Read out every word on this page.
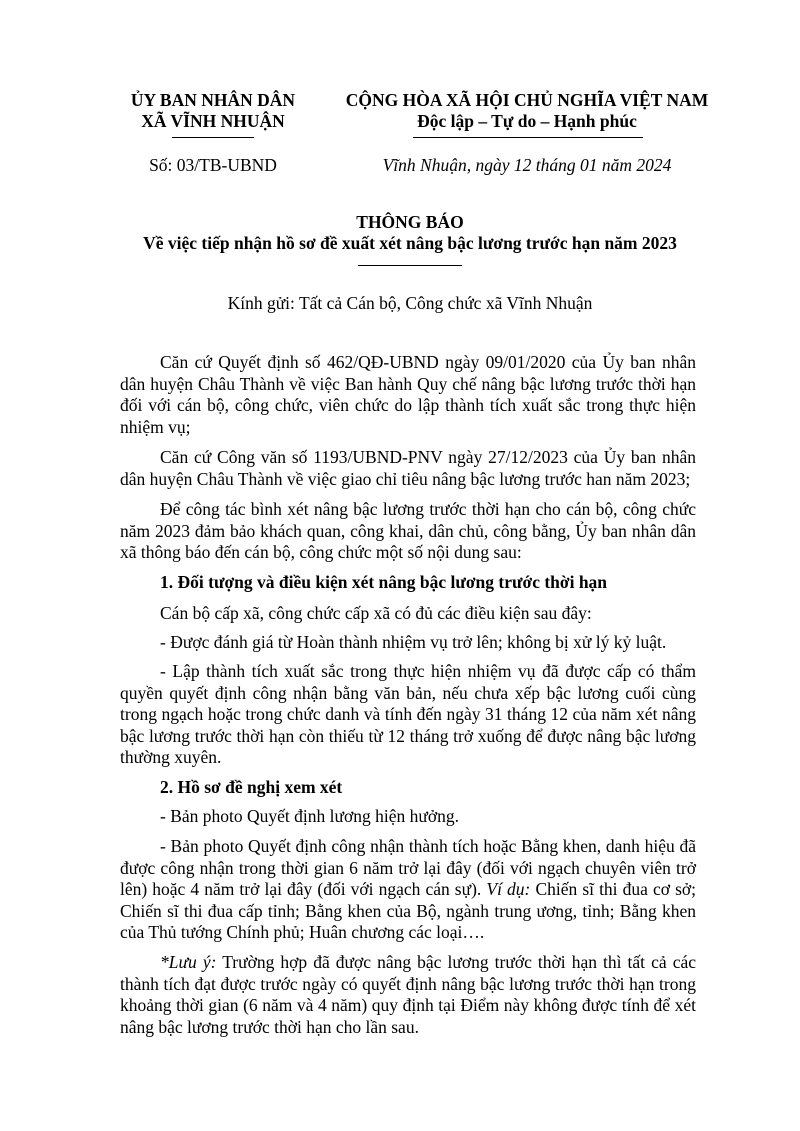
ỦY BAN NHÂN DÂN
XÃ VĨNH NHUẬN
Số: 03/TB-UBND
CỘNG HÒA XÃ HỘI CHỦ NGHĨA VIỆT NAM
Độc lập – Tự do – Hạnh phúc
Vĩnh Nhuận, ngày 12 tháng 01 năm 2024
THÔNG BÁO
Về việc tiếp nhận hồ sơ đề xuất xét nâng bậc lương trước hạn năm 2023
Kính gửi: Tất cả Cán bộ, Công chức xã Vĩnh Nhuận

Căn cứ Quyết định số 462/QĐ-UBND ngày 09/01/2020 của Ủy ban nhân dân huyện Châu Thành về việc Ban hành Quy chế nâng bậc lương trước thời hạn đối với cán bộ, công chức, viên chức do lập thành tích xuất sắc trong thực hiện nhiệm vụ;

Căn cứ Công văn số 1193/UBND-PNV ngày 27/12/2023 của Ủy ban nhân dân huyện Châu Thành về việc giao chỉ tiêu nâng bậc lương trước han năm 2023;

Để công tác bình xét nâng bậc lương trước thời hạn cho cán bộ, công chức năm 2023 đảm bảo khách quan, công khai, dân chủ, công bằng, Ủy ban nhân dân xã thông báo đến cán bộ, công chức một số nội dung sau:

1. Đối tượng và điều kiện xét nâng bậc lương trước thời hạn

Cán bộ cấp xã, công chức cấp xã có đủ các điều kiện sau đây:

- Được đánh giá từ Hoàn thành nhiệm vụ trở lên; không bị xử lý kỷ luật.

- Lập thành tích xuất sắc trong thực hiện nhiệm vụ đã được cấp có thẩm quyền quyết định công nhận bằng văn bản, nếu chưa xếp bậc lương cuối cùng trong ngạch hoặc trong chức danh và tính đến ngày 31 tháng 12 của năm xét nâng bậc lương trước thời hạn còn thiếu từ 12 tháng trở xuống để được nâng bậc lương thường xuyên.

2. Hồ sơ đề nghị xem xét

- Bản photo Quyết định lương hiện hưởng.

- Bản photo Quyết định công nhận thành tích hoặc Bằng khen, danh hiệu đã được công nhận trong thời gian 6 năm trở lại đây (đối với ngạch chuyên viên trở lên) hoặc 4 năm trở lại đây (đối với ngạch cán sự). Ví dụ: Chiến sĩ thi đua cơ sở; Chiến sĩ thi đua cấp tỉnh; Bằng khen của Bộ, ngành trung ương, tỉnh; Bằng khen của Thủ tướng Chính phủ; Huân chương các loại….

*Lưu ý: Trường hợp đã được nâng bậc lương trước thời hạn thì tất cả các thành tích đạt được trước ngày có quyết định nâng bậc lương trước thời hạn trong khoảng thời gian (6 năm và 4 năm) quy định tại Điểm này không được tính để xét nâng bậc lương trước thời hạn cho lần sau.
